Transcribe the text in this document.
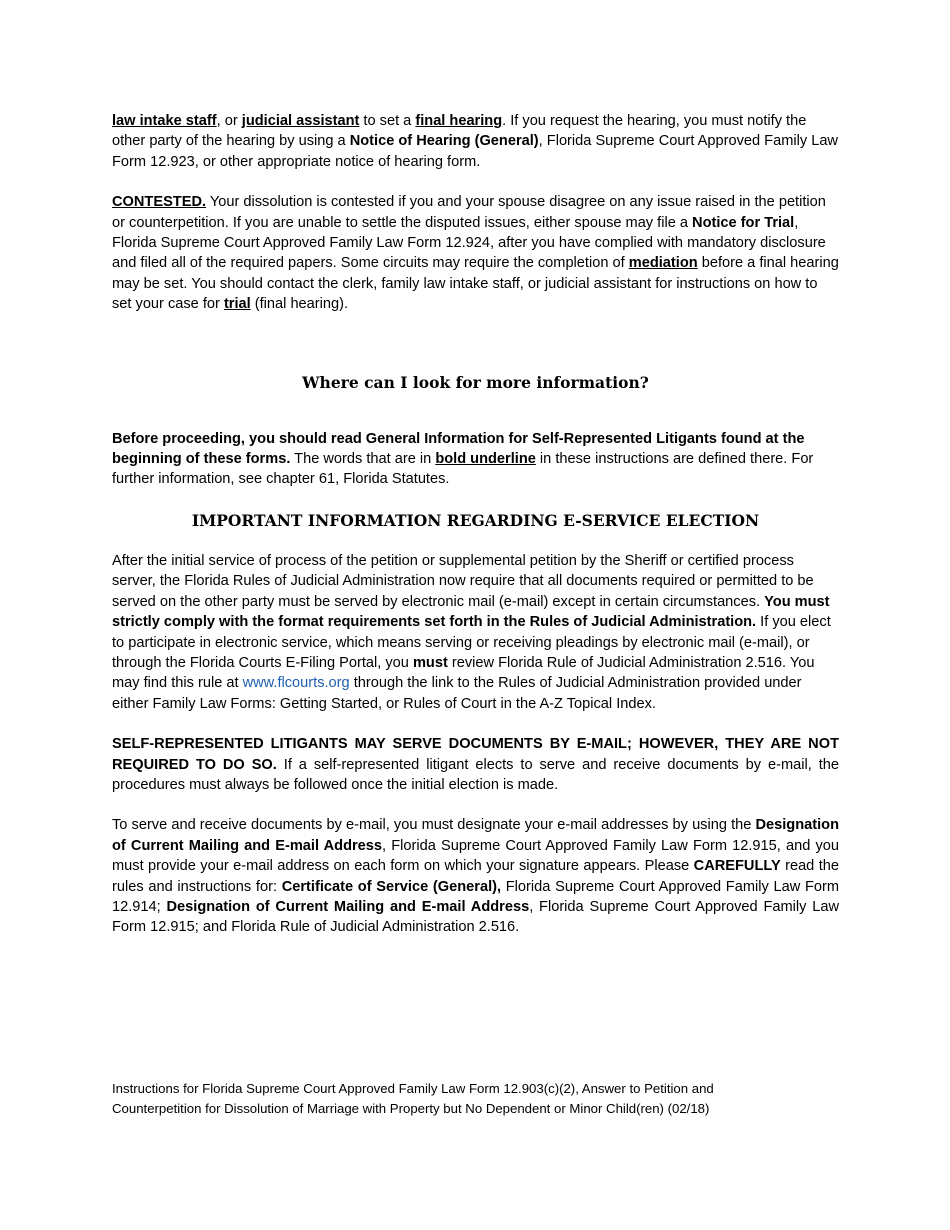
law intake staff, or judicial assistant to set a final hearing. If you request the hearing, you must notify the other party of the hearing by using a Notice of Hearing (General), Florida Supreme Court Approved Family Law Form 12.923, or other appropriate notice of hearing form.

CONTESTED. Your dissolution is contested if you and your spouse disagree on any issue raised in the petition or counterpetition. If you are unable to settle the disputed issues, either spouse may file a Notice for Trial, Florida Supreme Court Approved Family Law Form 12.924, after you have complied with mandatory disclosure and filed all of the required papers. Some circuits may require the completion of mediation before a final hearing may be set. You should contact the clerk, family law intake staff, or judicial assistant for instructions on how to set your case for trial (final hearing).

Where can I look for more information?

Before proceeding, you should read General Information for Self-Represented Litigants found at the beginning of these forms. The words that are in bold underline in these instructions are defined there. For further information, see chapter 61, Florida Statutes.

IMPORTANT INFORMATION REGARDING E-SERVICE ELECTION

After the initial service of process of the petition or supplemental petition by the Sheriff or certified process server, the Florida Rules of Judicial Administration now require that all documents required or permitted to be served on the other party must be served by electronic mail (e-mail) except in certain circumstances. You must strictly comply with the format requirements set forth in the Rules of Judicial Administration. If you elect to participate in electronic service, which means serving or receiving pleadings by electronic mail (e-mail), or through the Florida Courts E-Filing Portal, you must review Florida Rule of Judicial Administration 2.516. You may find this rule at www.flcourts.org through the link to the Rules of Judicial Administration provided under either Family Law Forms: Getting Started, or Rules of Court in the A-Z Topical Index.

SELF-REPRESENTED LITIGANTS MAY SERVE DOCUMENTS BY E-MAIL; HOWEVER, THEY ARE NOT REQUIRED TO DO SO. If a self-represented litigant elects to serve and receive documents by e-mail, the procedures must always be followed once the initial election is made.

To serve and receive documents by e-mail, you must designate your e-mail addresses by using the Designation of Current Mailing and E-mail Address, Florida Supreme Court Approved Family Law Form 12.915, and you must provide your e-mail address on each form on which your signature appears. Please CAREFULLY read the rules and instructions for: Certificate of Service (General), Florida Supreme Court Approved Family Law Form 12.914; Designation of Current Mailing and E-mail Address, Florida Supreme Court Approved Family Law Form 12.915; and Florida Rule of Judicial Administration 2.516.

Instructions for Florida Supreme Court Approved Family Law Form 12.903(c)(2), Answer to Petition and
Counterpetition for Dissolution of Marriage with Property but No Dependent or Minor Child(ren) (02/18)
